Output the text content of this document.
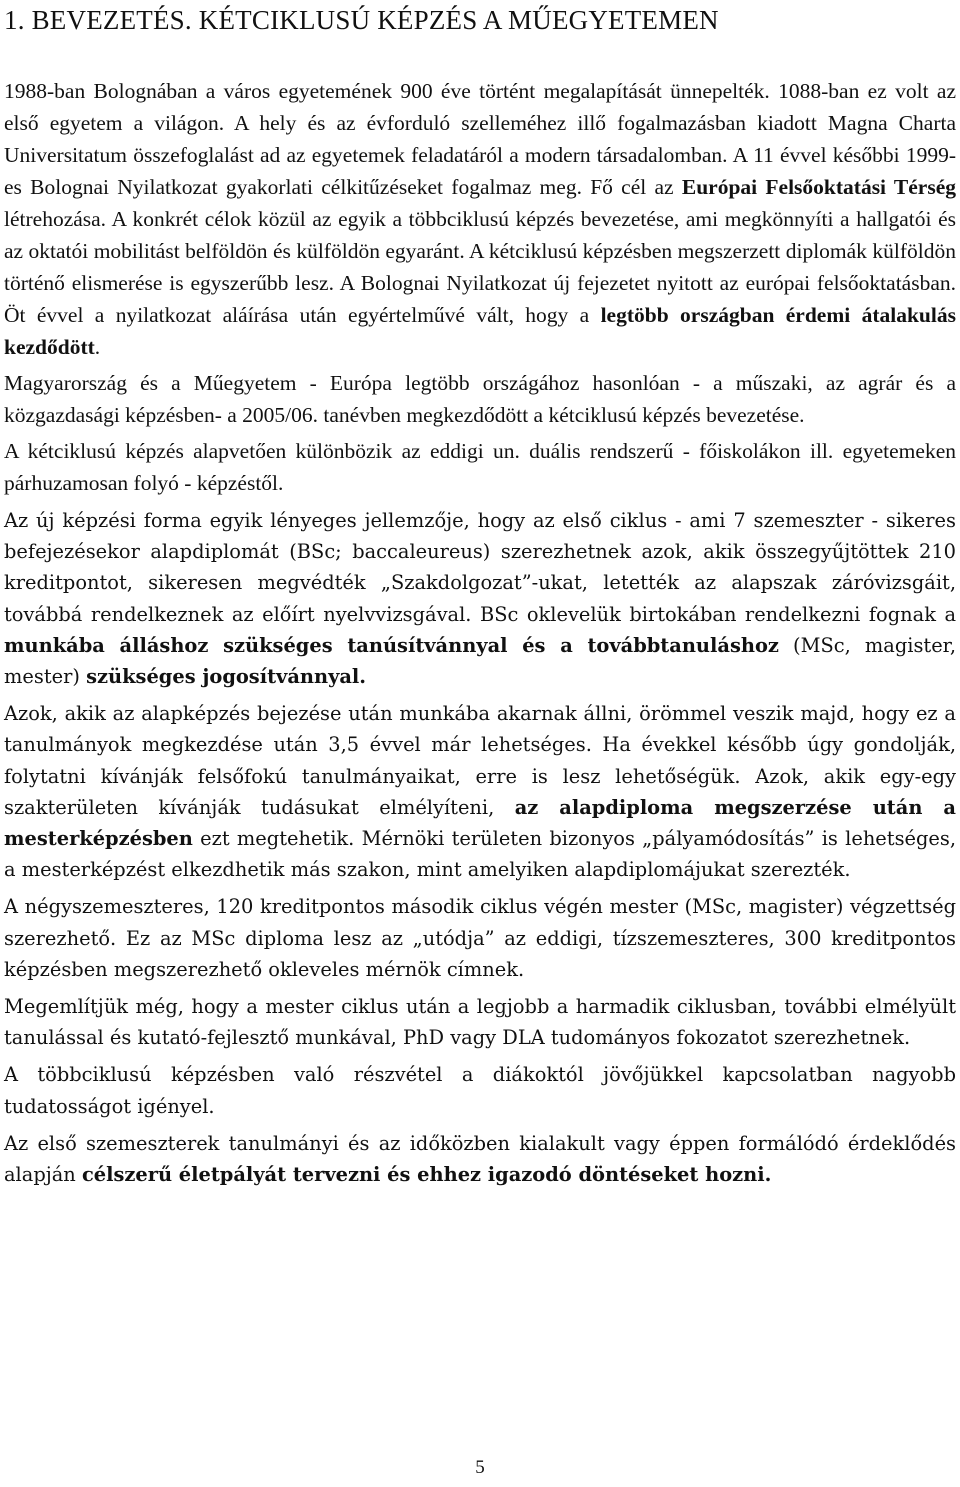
1. BEVEZETÉS. KÉTCIKLUSÚ KÉPZÉS A MŰEGYETEMEN

1988-ban Bolognában a város egyetemének 900 éve történt megalapítását ünnepelték. 1088-ban ez volt az első egyetem a világon. A hely és az évforduló szelleméhez illő fogalmazásban kiadott Magna Charta Universitatum összefoglalást ad az egyetemek feladatáról a modern társadalomban. A 11 évvel későbbi 1999-es Bolognai Nyilatkozat gyakorlati célkitűzéseket fogalmaz meg. Fő cél az Európai Felsőoktatási Térség létrehozása. A konkrét célok közül az egyik a többciklusú képzés bevezetése, ami megkönnyíti a hallgatói és az oktatói mobilitást belföldön és külföldön egyaránt. A kétciklusú képzésben megszerzett diplomák külföldön történő elismerése is egyszerűbb lesz. A Bolognai Nyilatkozat új fejezetet nyitott az európai felsőoktatásban. Öt évvel a nyilatkozat aláírása után egyértelművé vált, hogy a legtöbb országban érdemi átalakulás kezdődött.

Magyarország és a Műegyetem - Európa legtöbb országához hasonlóan - a műszaki, az agrár és a közgazdasági képzésben- a 2005/06. tanévben megkezdődött a kétciklusú képzés bevezetése.

A kétciklusú képzés alapvetően különbözik az eddigi un. duális rendszerű - főiskolákon ill. egyetemeken párhuzamosan folyó - képzéstől.

Az új képzési forma egyik lényeges jellemzője, hogy az első ciklus - ami 7 szemeszter - sikeres befejezésekor alapdiplomát (BSc; baccaleureus) szerezhetnek azok, akik összegyűjtöttek 210 kreditpontot, sikeresen megvédték „Szakdolgozat”-ukat, letették az alapszak záróvizsgáit, továbbá rendelkeznek az előírt nyelvvizsgával. BSc oklevelük birtokában rendelkezni fognak a munkába álláshoz szükséges tanúsítvánnyal és a továbbtanuláshoz (MSc, magister, mester) szükséges jogosítvánnyal.

Azok, akik az alapképzés bejezése után munkába akarnak állni, örömmel veszik majd, hogy ez a tanulmányok megkezdése után 3,5 évvel már lehetséges. Ha évekkel később úgy gondolják, folytatni kívánják felsőfokú tanulmányaikat, erre is lesz lehetőségük. Azok, akik egy-egy szakterületen kívánják tudásukat elmélyíteni, az alapdiploma megszerzése után a mesterképzésben ezt megtehetik. Mérnöki területen bizonyos „pályamódosítás” is lehetséges, a mesterképzést elkezdhetik más szakon, mint amelyiken alapdiplomájukat szerezték.

A négyszemeszteres, 120 kreditpontos második ciklus végén mester (MSc, magister) végzettség szerezhető. Ez az MSc diploma lesz az „utódja” az eddigi, tízszemeszteres, 300 kreditpontos képzésben megszerezhető okleveles mérnök címnek.

Megemlítjük még, hogy a mester ciklus után a legjobb a harmadik ciklusban, további elmélyült tanulással és kutató-fejlesztő munkával, PhD vagy DLA tudományos fokozatot szerezhetnek.

A többciklusú képzésben való részvétel a diákoktól jövőjükkel kapcsolatban nagyobb tudatosságot igényel.

Az első szemeszterek tanulmányi és az időközben kialakult vagy éppen formálódó érdeklődés alapján célszerű életpályát tervezni és ehhez igazodó döntéseket hozni.

5
